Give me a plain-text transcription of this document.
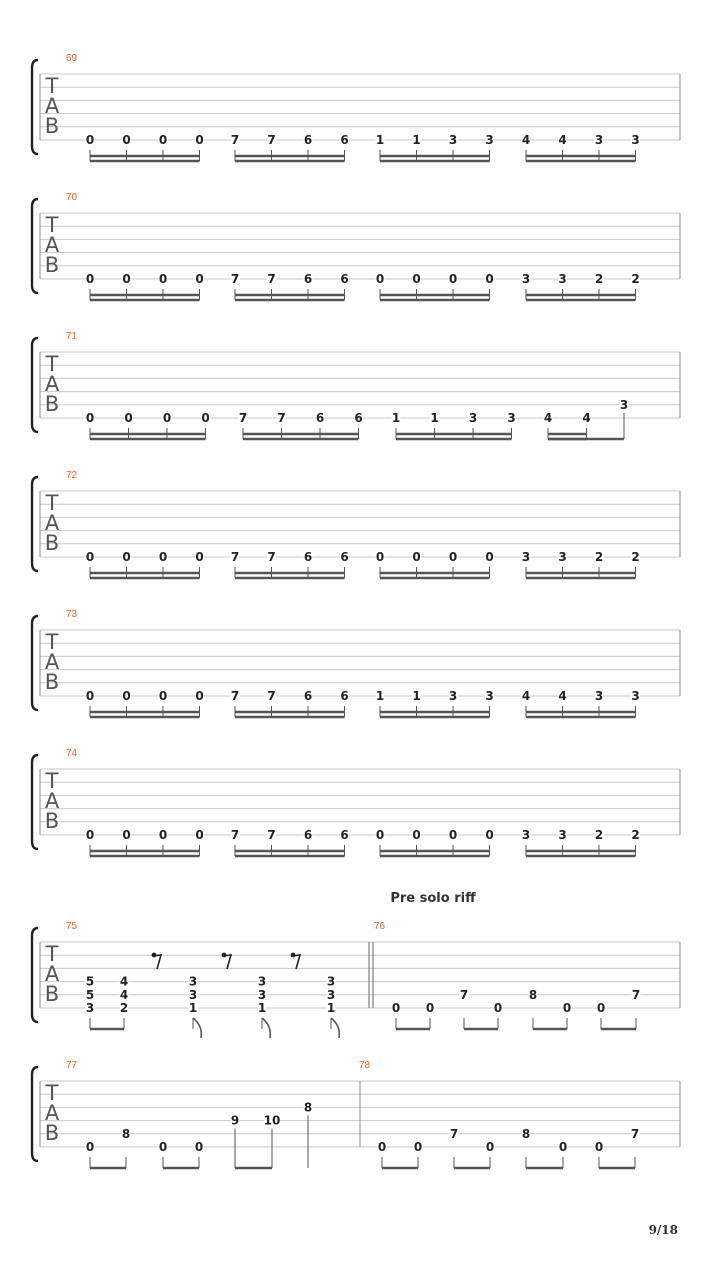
Pre solo riff
9/18
T
A
B
69
0 0 0 0 7 7 6 6 1 1 3 3 4 4 3 3
T
A
B
70
0 0 0 0 7 7 6 6 0 0 0 0 3 3 2 2
T
A
B
71
0	0	0	0 7	7	6	6 1	1	3	3 4	4
3
T
A
B
72
0 0 0 0 7 7 6 6 0 0 0 0 3 3 2 2
T
A
B
73
0 0 0 0 7 7 6 6 1 1 3 3 4 4 3 3
T
A
B
74
0 0 0 0 7 7 6 6 0 0 0 0 3 3 2 2
T
A
B
75	76
5
5
3
4
4
2
3
3
1
3
3
1
3
3
1	0 0
7
0
8
0 0
7
T
A
B
77	78
0
8
0 0
9 10
8
0 0
7
0
8
0 0
7
